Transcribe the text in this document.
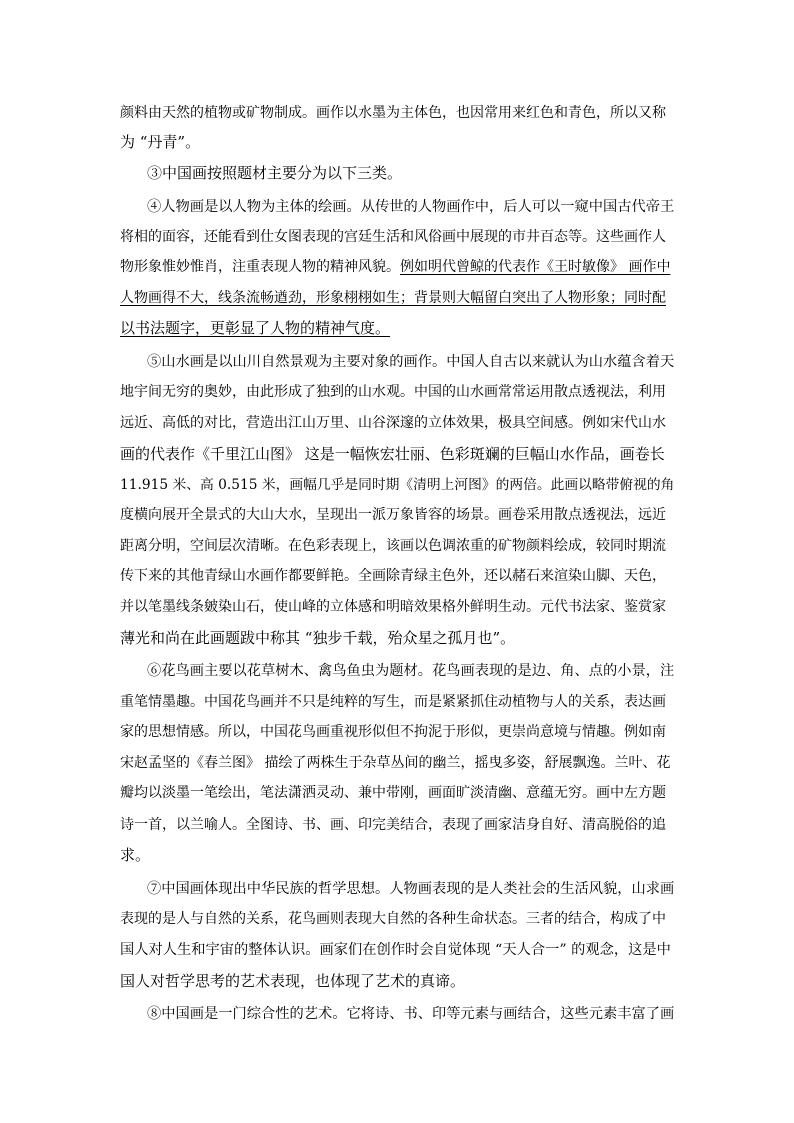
颜料由天然的植物或矿物制成。画作以水墨为主体色，也因常用来红色和青色，所以又称
为 “丹青”。
③中国画按照题材主要分为以下三类。
④人物画是以人物为主体的绘画。从传世的人物画作中，后人可以一窥中国古代帝王
将相的面容，还能看到仕女图表现的宫廷生活和风俗画中展现的市井百态等。这些画作人
物形象惟妙惟肖，注重表现人物的精神风貌。例如明代曾鲸的代表作《王时敏像》 画作中
人物画得不大，线条流畅遒劲，形象栩栩如生；背景则大幅留白突出了人物形象；同时配
以书法题字，更彰显了人物的精神气度。
⑤山水画是以山川自然景观为主要对象的画作。中国人自古以来就认为山水蕴含着天
地宇间无穷的奥妙，由此形成了独到的山水观。中国的山水画常常运用散点透视法，利用
远近、高低的对比，营造出江山万里、山谷深邃的立体效果，极具空间感。例如宋代山水
画的代表作《千里江山图》 这是一幅恢宏壮丽、色彩斑斓的巨幅山水作品，画卷长
11.915 米、高 0.515 米，画幅几乎是同时期《清明上河图》的两倍。此画以略带俯视的角
度横向展开全景式的大山大水，呈现出一派万象皆容的场景。画卷采用散点透视法，远近
距离分明，空间层次清晰。在色彩表现上，该画以色调浓重的矿物颜料绘成，较同时期流
传下来的其他青绿山水画作都要鲜艳。全画除青绿主色外，还以赭石来渲染山脚、天色，
并以笔墨线条皴染山石，使山峰的立体感和明暗效果格外鲜明生动。元代书法家、鉴赏家
薄光和尚在此画题跋中称其 “独步千载，殆众星之孤月也”。
⑥花鸟画主要以花草树木、禽鸟鱼虫为题材。花鸟画表现的是边、角、点的小景，注
重笔情墨趣。中国花鸟画并不只是纯粹的写生，而是紧紧抓住动植物与人的关系，表达画
家的思想情感。所以，中国花鸟画重视形似但不拘泥于形似，更崇尚意境与情趣。例如南
宋赵孟坚的《春兰图》 描绘了两株生于杂草丛间的幽兰，摇曳多姿，舒展飘逸。兰叶、花
瓣均以淡墨一笔绘出，笔法潇洒灵动、兼中带刚，画面旷淡清幽、意蕴无穷。画中左方题
诗一首，以兰喻人。全图诗、书、画、印完美结合，表现了画家洁身自好、清高脱俗的追
求。
⑦中国画体现出中华民族的哲学思想。人物画表现的是人类社会的生活风貌，山求画
表现的是人与自然的关系，花鸟画则表现大自然的各种生命状态。三者的结合，构成了中
国人对人生和宇宙的整体认识。画家们在创作时会自觉体现 “天人合一” 的观念，这是中
国人对哲学思考的艺术表现，也体现了艺术的真谛。
⑧中国画是一门综合性的艺术。它将诗、书、印等元素与画结合，这些元素丰富了画
